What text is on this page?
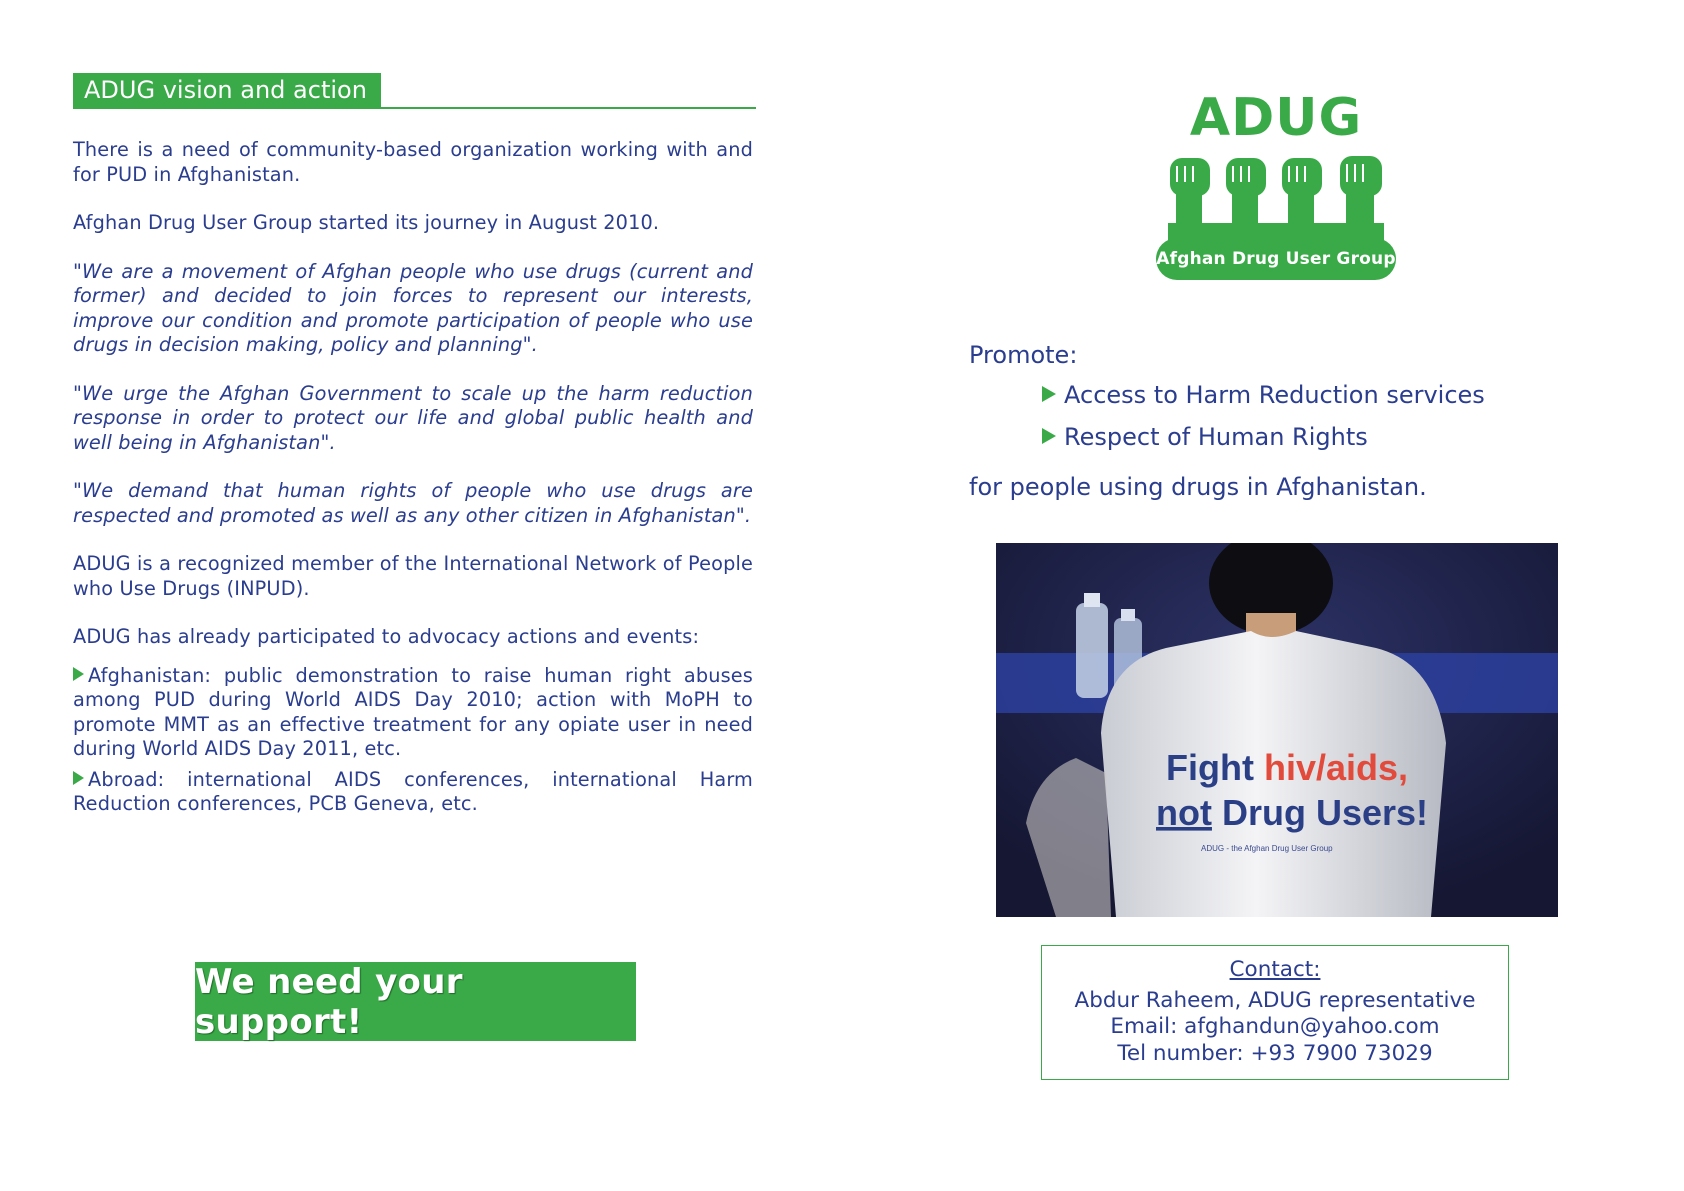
ADUG vision and action

There is a need of community-based organization working with and for PUD in Afghanistan.

Afghan Drug User Group started its journey in August 2010.

"We are a movement of Afghan people who use drugs (current and former) and decided to join forces to represent our interests, improve our condition and promote participation of people who use drugs in decision making, policy and planning".

"We urge the Afghan Government to scale up the harm reduction response in order to protect our life and global public health and well being in Afghanistan".

"We demand that human rights of people who use drugs are respected and promoted as well as any other citizen in Afghanistan".

ADUG is a recognized member of the International Network of People who Use Drugs (INPUD).

ADUG has already participated to advocacy actions and events:

Afghanistan: public demonstration to raise human right abuses among PUD during World AIDS Day 2010; action with MoPH to promote MMT as an effective treatment for any opiate user in need during World AIDS Day 2011, etc.

Abroad: international AIDS conferences, international Harm Reduction conferences, PCB Geneva, etc.

We need your support!
ADUG
Afghan Drug User Group
Promote:
Access to Harm Reduction services
Respect of Human Rights
for people using drugs in Afghanistan.
Fight hiv/aids,
not Drug Users!
ADUG - the Afghan Drug User Group
Contact:
Abdur Raheem, ADUG representative
Email: afghandun@yahoo.com
Tel number: +93 7900 73029
